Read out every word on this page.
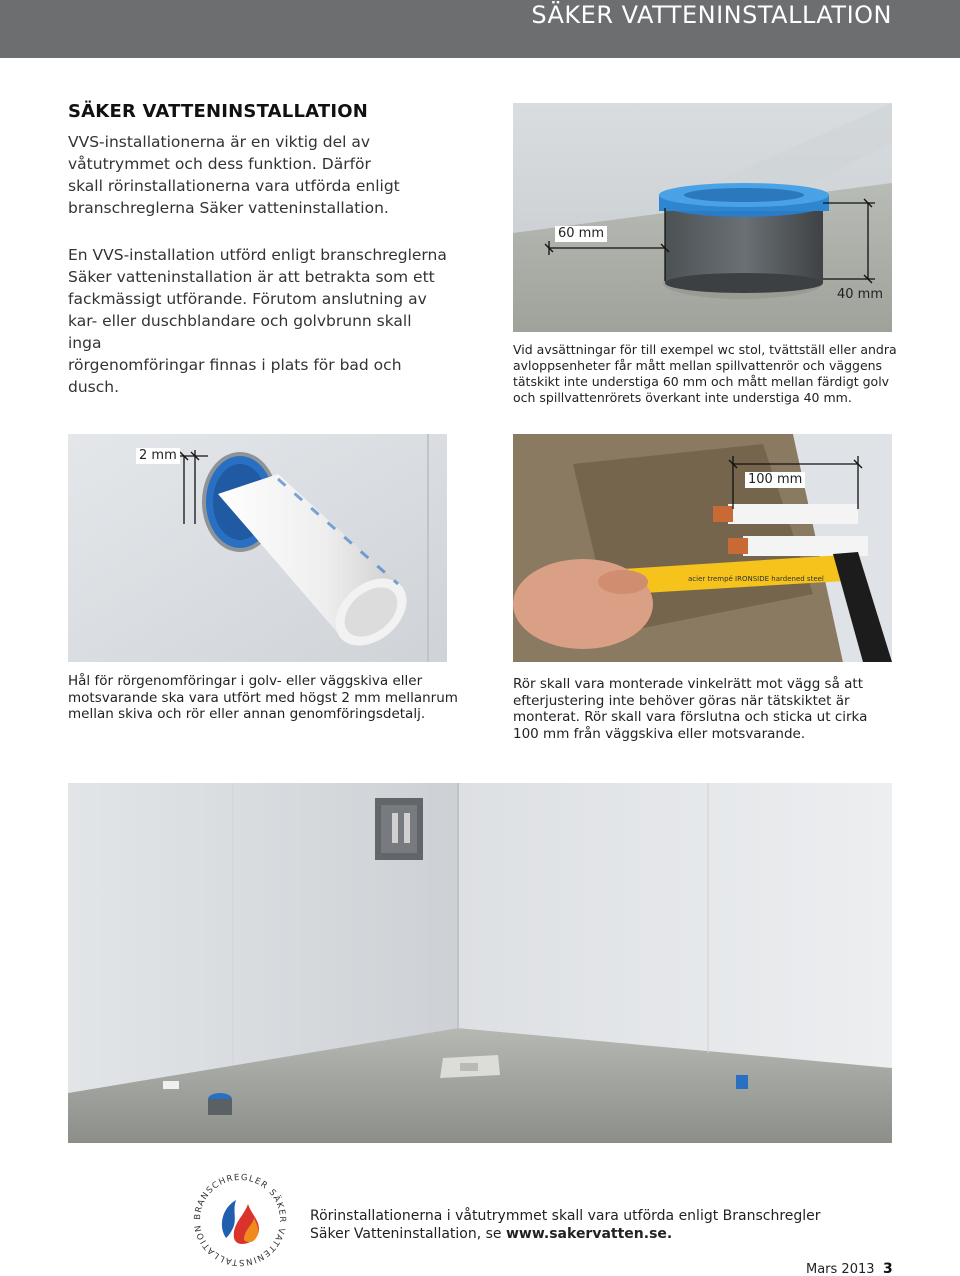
SÄKER VATTENINSTALLATION
SÄKER VATTENINSTALLATION
VVS-installationerna är en viktig del av
våtutrymmet och dess funktion. Därför
skall rörinstallationerna vara utförda enligt
branschreglerna Säker vatteninstallation.
En VVS-installation utförd enligt branschreglerna
Säker vatteninstallation är att betrakta som ett
fackmässigt utförande. Förutom anslutning av
kar- eller duschblandare och golvbrunn skall inga
rörgenomföringar finnas i plats för bad och dusch.
60 mm
40 mm
Vid avsättningar för till exempel wc stol, tvättställ eller andra
avloppsenheter får mått mellan spillvattenrör och väggens
tätskikt inte understiga 60 mm och mått mellan färdigt golv
och spillvattenrörets överkant inte understiga 40 mm.
2 mm
Hål för rörgenomföringar i golv- eller väggskiva eller
motsvarande ska vara utfört med högst 2 mm mellanrum
mellan skiva och rör eller annan genomföringsdetalj.
acier trempé IRONSIDE hardened steel
100 mm
Rör skall vara monterade vinkelrätt mot vägg så att
efterjustering inte behöver göras när tätskiktet är
monterat. Rör skall vara förslutna och sticka ut cirka
100 mm från väggskiva eller motsvarande.
BRANSCHREGLER SÄKER VATTENINSTALLATION
Rörinstallationerna i våtutrymmet skall vara utförda enligt Branschregler
Säker Vatteninstallation, se www.sakervatten.se.
Mars 2013 3
